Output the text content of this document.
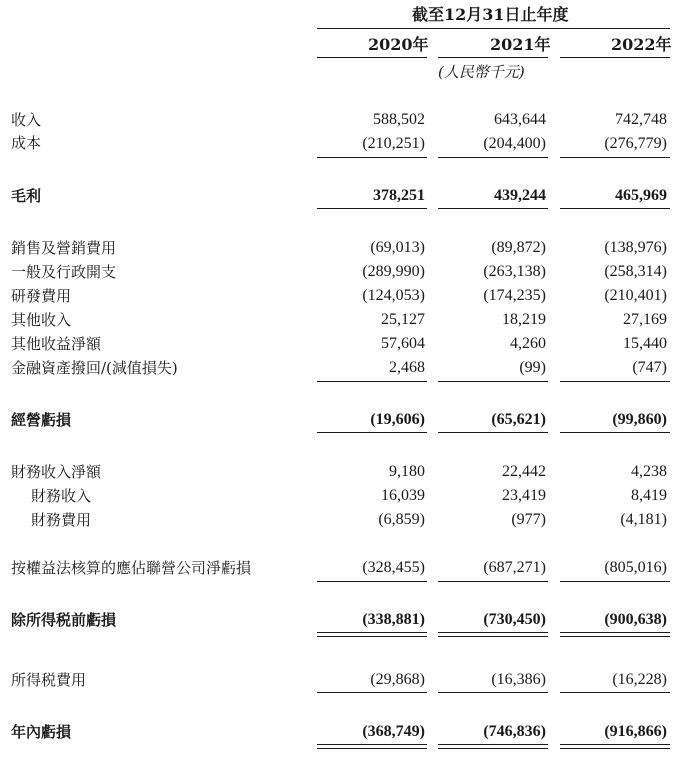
截至12月31日止年度
2020年	2021年	2022年
(人民幣千元)
收入	588,502	643,644	742,748
成本	(210,251)	(204,400)	(276,779)
毛利	378,251	439,244	465,969
銷售及營銷費用	(69,013)	(89,872)	(138,976)
一般及行政開支	(289,990)	(263,138)	(258,314)
研發費用	(124,053)	(174,235)	(210,401)
其他收入	25,127	18,219	27,169
其他收益淨額	57,604	4,260	15,440
金融資產撥回/(減值損失)	2,468	(99)	(747)
經營虧損	(19,606)	(65,621)	(99,860)
財務收入淨額	9,180	22,442	4,238
財務收入	16,039	23,419	8,419
財務費用	(6,859)	(977)	(4,181)
按權益法核算的應佔聯營公司淨虧損	(328,455)	(687,271)	(805,016)
除所得税前虧損	(338,881)	(730,450)	(900,638)
所得税費用	(29,868)	(16,386)	(16,228)
年內虧損	(368,749)	(746,836)	(916,866)
